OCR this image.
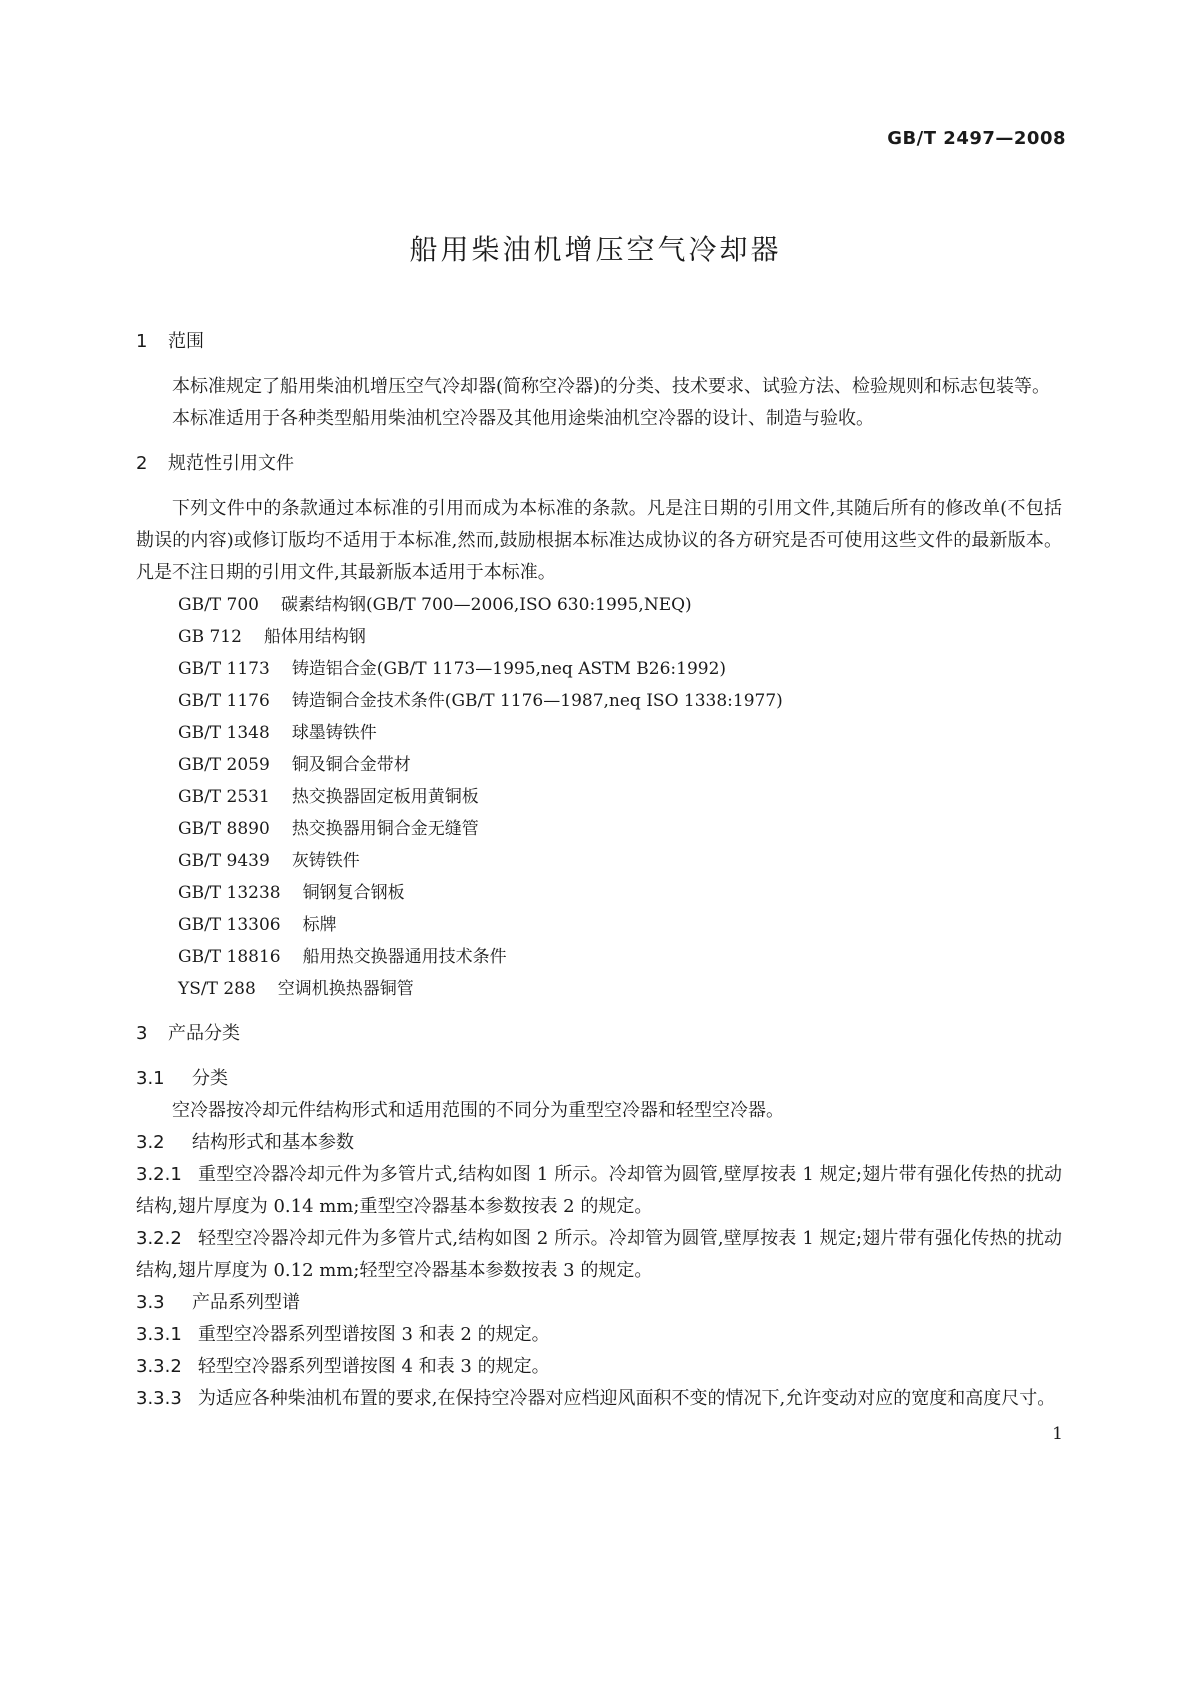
GB/T 2497—2008
船用柴油机增压空气冷却器
1 范围

本标准规定了船用柴油机增压空气冷却器(简称空冷器)的分类、技术要求、试验方法、检验规则和标志包装等。

本标准适用于各种类型船用柴油机空冷器及其他用途柴油机空冷器的设计、制造与验收。

2 规范性引用文件

下列文件中的条款通过本标准的引用而成为本标准的条款。凡是注日期的引用文件,其随后所有的修改单(不包括勘误的内容)或修订版均不适用于本标准,然而,鼓励根据本标准达成协议的各方研究是否可使用这些文件的最新版本。凡是不注日期的引用文件,其最新版本适用于本标准。

GB/T 700 碳素结构钢(GB/T 700—2006,ISO 630:1995,NEQ)
GB 712 船体用结构钢
GB/T 1173 铸造铝合金(GB/T 1173—1995,neq ASTM B26:1992)
GB/T 1176 铸造铜合金技术条件(GB/T 1176—1987,neq ISO 1338:1977)
GB/T 1348 球墨铸铁件
GB/T 2059 铜及铜合金带材
GB/T 2531 热交换器固定板用黄铜板
GB/T 8890 热交换器用铜合金无缝管
GB/T 9439 灰铸铁件
GB/T 13238 铜钢复合钢板
GB/T 13306 标牌
GB/T 18816 船用热交换器通用技术条件
YS/T 288 空调机换热器铜管
3 产品分类
3.1 分类

空冷器按冷却元件结构形式和适用范围的不同分为重型空冷器和轻型空冷器。

3.2 结构形式和基本参数

3.2.1 重型空冷器冷却元件为多管片式,结构如图 1 所示。冷却管为圆管,壁厚按表 1 规定;翅片带有强化传热的扰动结构,翅片厚度为 0.14 mm;重型空冷器基本参数按表 2 的规定。

3.2.2 轻型空冷器冷却元件为多管片式,结构如图 2 所示。冷却管为圆管,壁厚按表 1 规定;翅片带有强化传热的扰动结构,翅片厚度为 0.12 mm;轻型空冷器基本参数按表 3 的规定。

3.3 产品系列型谱

3.3.1 重型空冷器系列型谱按图 3 和表 2 的规定。

3.3.2 轻型空冷器系列型谱按图 4 和表 3 的规定。

3.3.3 为适应各种柴油机布置的要求,在保持空冷器对应档迎风面积不变的情况下,允许变动对应的宽度和高度尺寸。

1
